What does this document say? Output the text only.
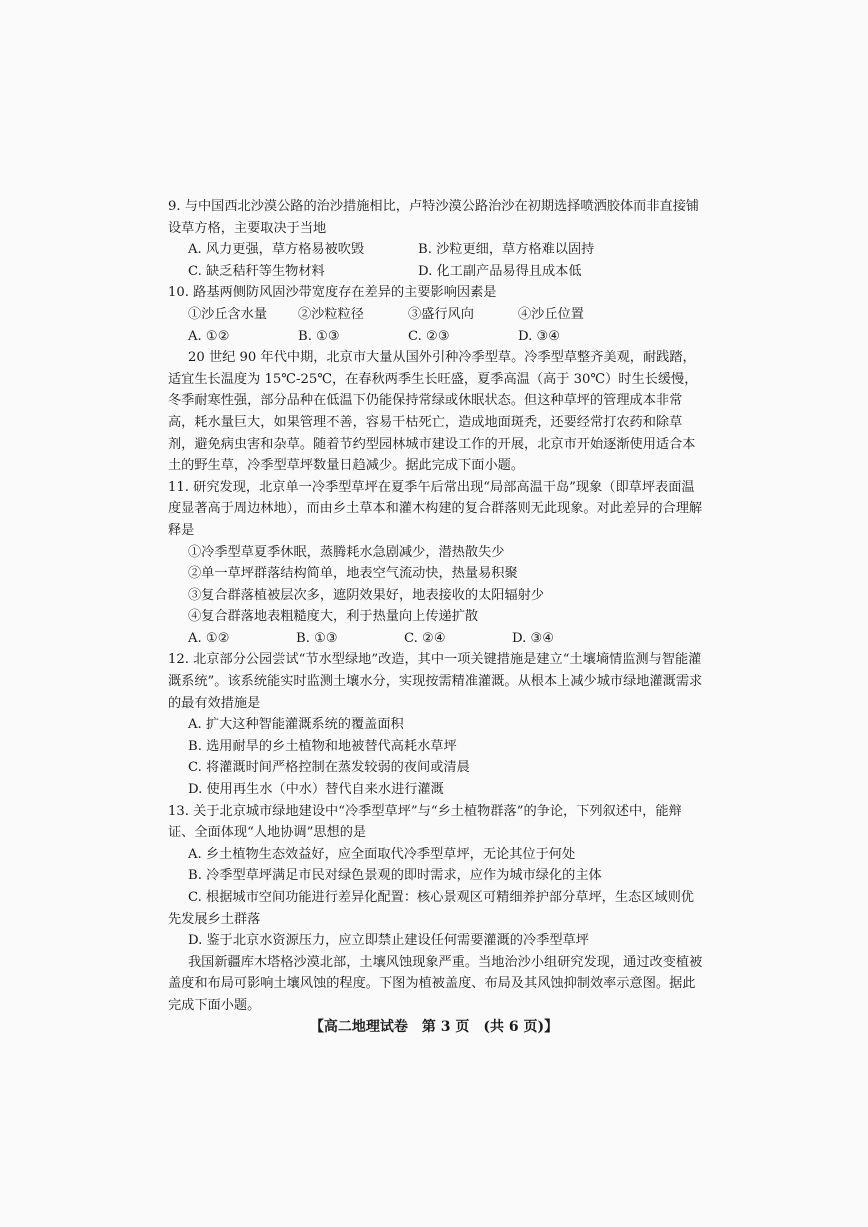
9. 与中国西北沙漠公路的治沙措施相比，卢特沙漠公路治沙在初期选择喷洒胶体而非直接铺设草方格，主要取决于当地

A. 风力更强，草方格易被吹毁	B. 沙粒更细，草方格难以固持
C. 缺乏秸秆等生物材料	D. 化工副产品易得且成本低

10. 路基两侧防风固沙带宽度存在差异的主要影响因素是

①沙丘含水量	②沙粒粒径	③盛行风向	④沙丘位置
A. ①②	B. ①③	C. ②③	D. ③④

20 世纪 90 年代中期，北京市大量从国外引种冷季型草。冷季型草整齐美观，耐践踏，适宜生长温度为 15℃-25℃，在春秋两季生长旺盛，夏季高温（高于 30℃）时生长缓慢，冬季耐寒性强，部分品种在低温下仍能保持常绿或休眠状态。但这种草坪的管理成本非常高，耗水量巨大，如果管理不善，容易干枯死亡，造成地面斑秃，还要经常打农药和除草剂，避免病虫害和杂草。随着节约型园林城市建设工作的开展，北京市开始逐渐使用适合本土的野生草，冷季型草坪数量日趋减少。据此完成下面小题。

11. 研究发现，北京单一冷季型草坪在夏季午后常出现“局部高温干岛”现象（即草坪表面温度显著高于周边林地），而由乡土草本和灌木构建的复合群落则无此现象。对此差异的合理解释是

①冷季型草夏季休眠，蒸腾耗水急剧减少，潜热散失少

②单一草坪群落结构简单，地表空气流动快，热量易积聚

③复合群落植被层次多，遮阴效果好，地表接收的太阳辐射少

④复合群落地表粗糙度大，利于热量向上传递扩散

A. ①②	B. ①③	C. ②④	D. ③④

12. 北京部分公园尝试“节水型绿地”改造，其中一项关键措施是建立“土壤墒情监测与智能灌溉系统”。该系统能实时监测土壤水分，实现按需精准灌溉。从根本上减少城市绿地灌溉需求的最有效措施是

A. 扩大这种智能灌溉系统的覆盖面积

B. 选用耐旱的乡土植物和地被替代高耗水草坪

C. 将灌溉时间严格控制在蒸发较弱的夜间或清晨

D. 使用再生水（中水）替代自来水进行灌溉

13. 关于北京城市绿地建设中“冷季型草坪”与“乡土植物群落”的争论，下列叙述中，能辩证、全面体现“人地协调”思想的是

A. 乡土植物生态效益好，应全面取代冷季型草坪，无论其位于何处

B. 冷季型草坪满足市民对绿色景观的即时需求，应作为城市绿化的主体

C. 根据城市空间功能进行差异化配置：核心景观区可精细养护部分草坪，生态区域则优先发展乡土群落

D. 鉴于北京水资源压力，应立即禁止建设任何需要灌溉的冷季型草坪

我国新疆库木塔格沙漠北部，土壤风蚀现象严重。当地治沙小组研究发现，通过改变植被盖度和布局可影响土壤风蚀的程度。下图为植被盖度、布局及其风蚀抑制效率示意图。据此完成下面小题。

【高二地理试卷　第 3 页　(共 6 页)】
